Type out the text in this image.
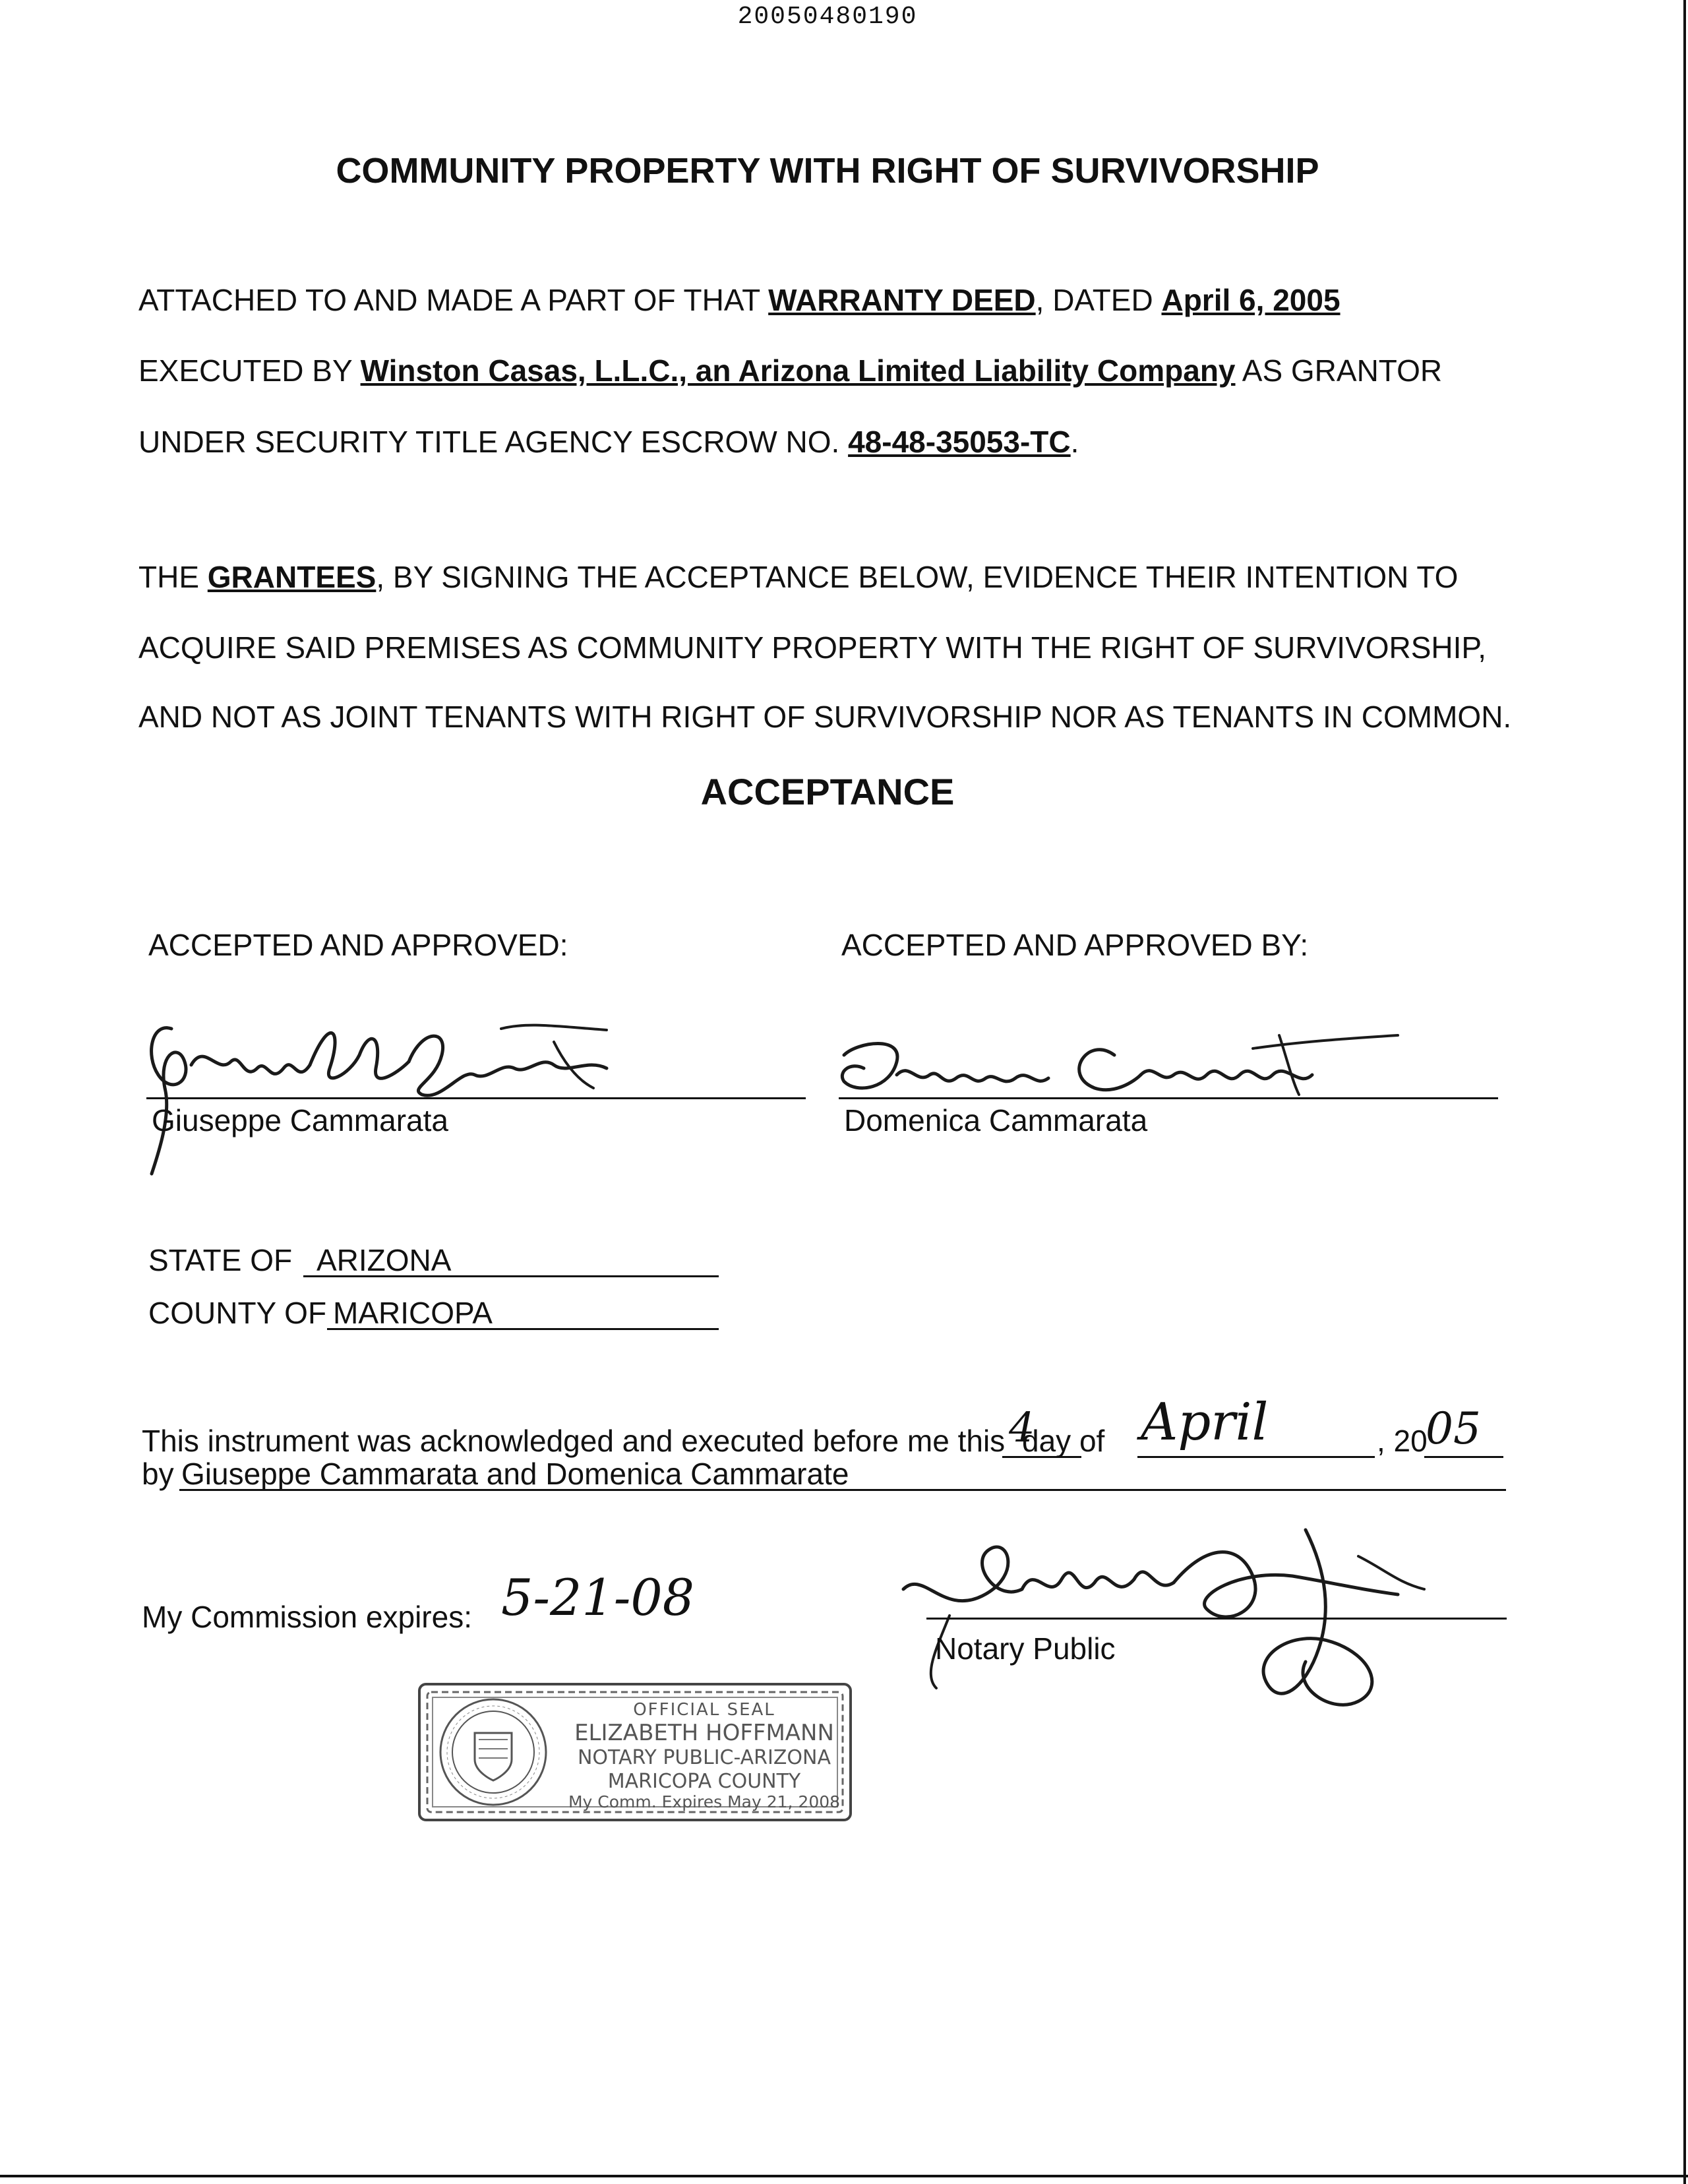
20050480190
COMMUNITY PROPERTY WITH RIGHT OF SURVIVORSHIP
ATTACHED TO AND MADE A PART OF THAT WARRANTY DEED, DATED April 6, 2005
EXECUTED BY Winston Casas, L.L.C., an Arizona Limited Liability Company AS GRANTOR
UNDER SECURITY TITLE AGENCY ESCROW NO. 48-48-35053-TC.
THE GRANTEES, BY SIGNING THE ACCEPTANCE BELOW, EVIDENCE THEIR INTENTION TO
ACQUIRE SAID PREMISES AS COMMUNITY PROPERTY WITH THE RIGHT OF SURVIVORSHIP,
AND NOT AS JOINT TENANTS WITH RIGHT OF SURVIVORSHIP NOR AS TENANTS IN COMMON.
ACCEPTANCE
ACCEPTED AND APPROVED:	ACCEPTED AND APPROVED BY:
Giuseppe Cammarata	Domenica Cammarata
STATE OF ARIZONA
COUNTY OF MARICOPA
This instrument was acknowledged and executed before me this 4
day of April	, 20
05
by Giuseppe Cammarata and Domenica Cammarate
My Commission expires: 5-21-08
Notary Public
OFFICIAL SEAL
ELIZABETH HOFFMANN
NOTARY PUBLIC-ARIZONA
MARICOPA COUNTY
My Comm. Expires May 21, 2008
